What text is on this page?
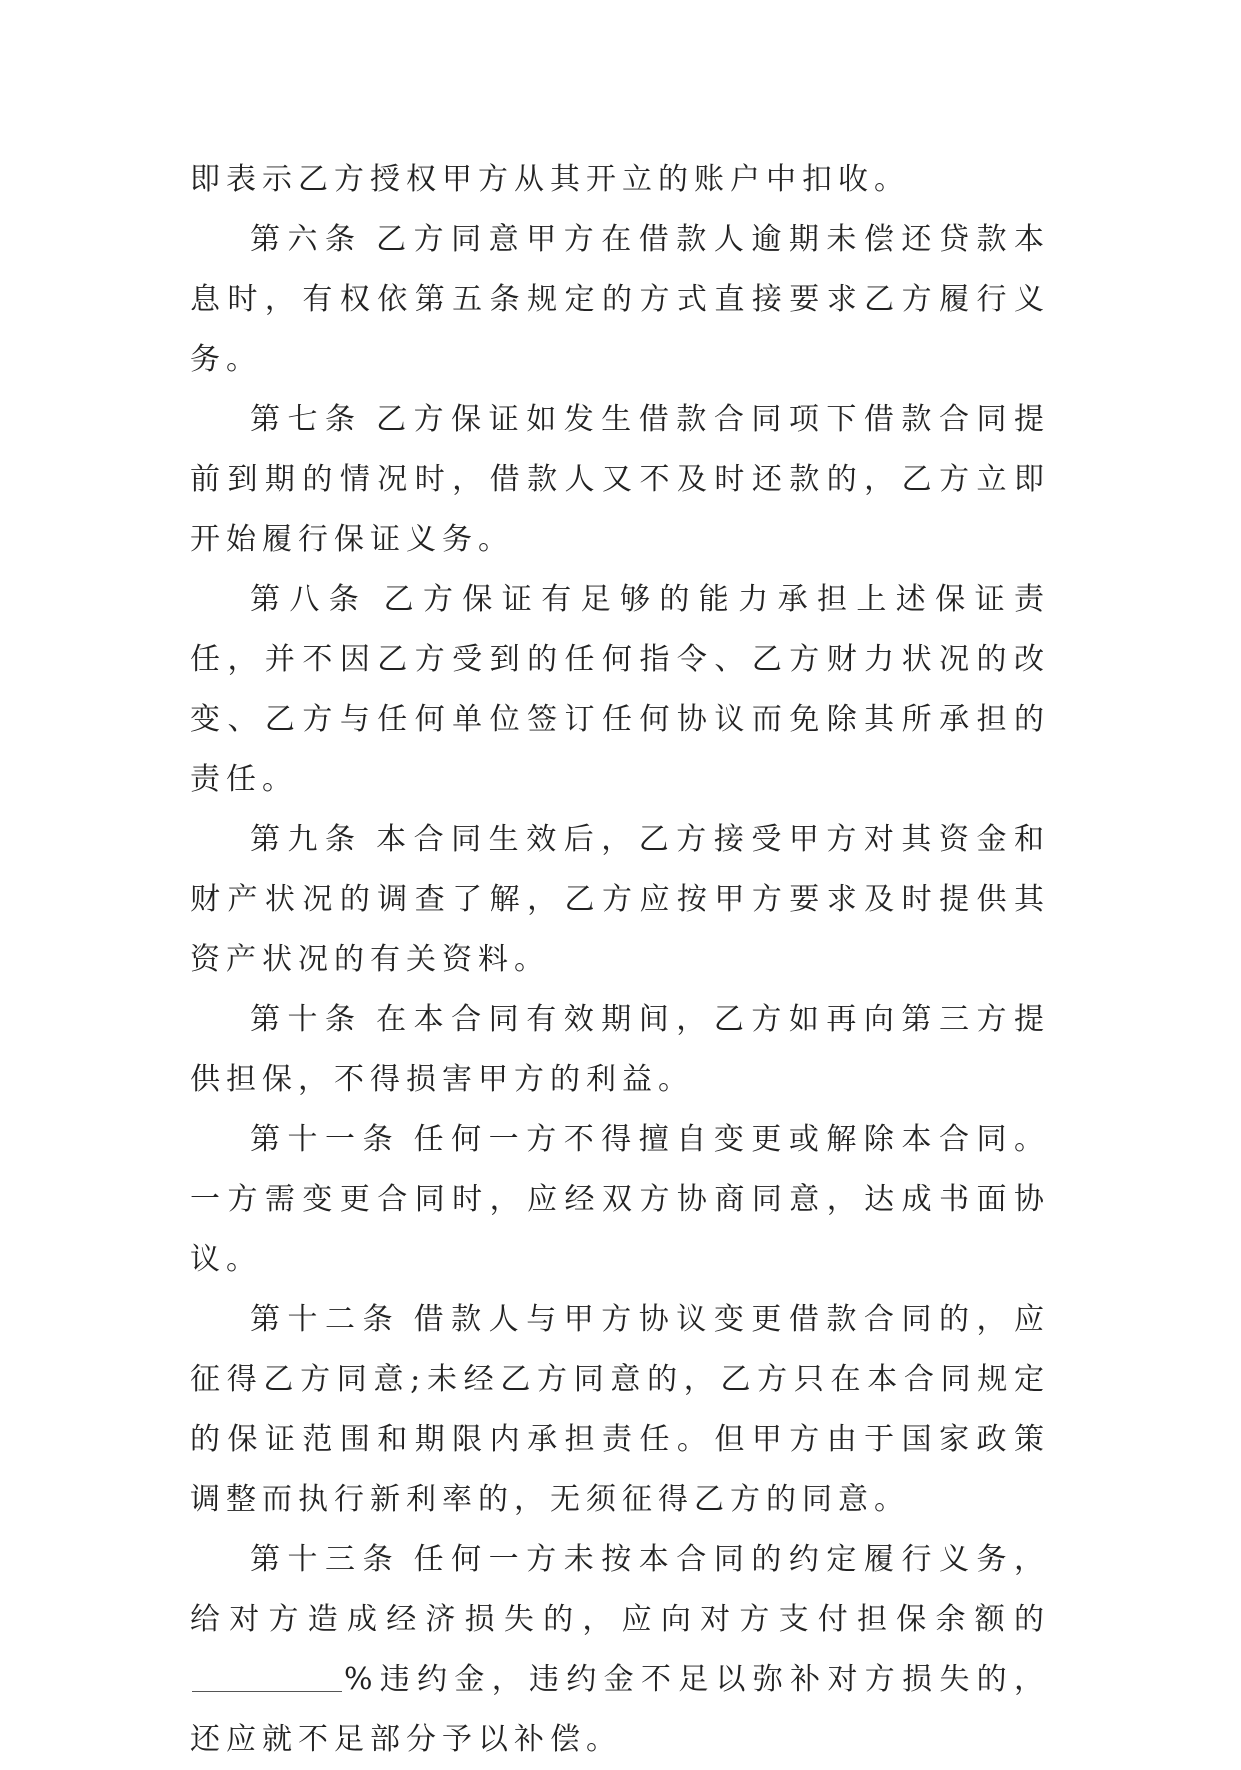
即表示乙方授权甲方从其开立的账户中扣收。

第六条 乙方同意甲方在借款人逾期未偿还贷款本息时，有权依第五条规定的方式直接要求乙方履行义务。

第七条 乙方保证如发生借款合同项下借款合同提前到期的情况时，借款人又不及时还款的，乙方立即开始履行保证义务。

第八条 乙方保证有足够的能力承担上述保证责任，并不因乙方受到的任何指令、乙方财力状况的改变、乙方与任何单位签订任何协议而免除其所承担的责任。

第九条 本合同生效后，乙方接受甲方对其资金和财产状况的调查了解，乙方应按甲方要求及时提供其资产状况的有关资料。

第十条 在本合同有效期间，乙方如再向第三方提供担保，不得损害甲方的利益。

第十一条 任何一方不得擅自变更或解除本合同。一方需变更合同时，应经双方协商同意，达成书面协议。

第十二条 借款人与甲方协议变更借款合同的，应征得乙方同意;未经乙方同意的，乙方只在本合同规定的保证范围和期限内承担责任。但甲方由于国家政策调整而执行新利率的，无须征得乙方的同意。

第十三条 任何一方未按本合同的约定履行义务，给对方造成经济损失的，应向对方支付担保余额的%违约金，违约金不足以弥补对方损失的，还应就不足部分予以补偿。
